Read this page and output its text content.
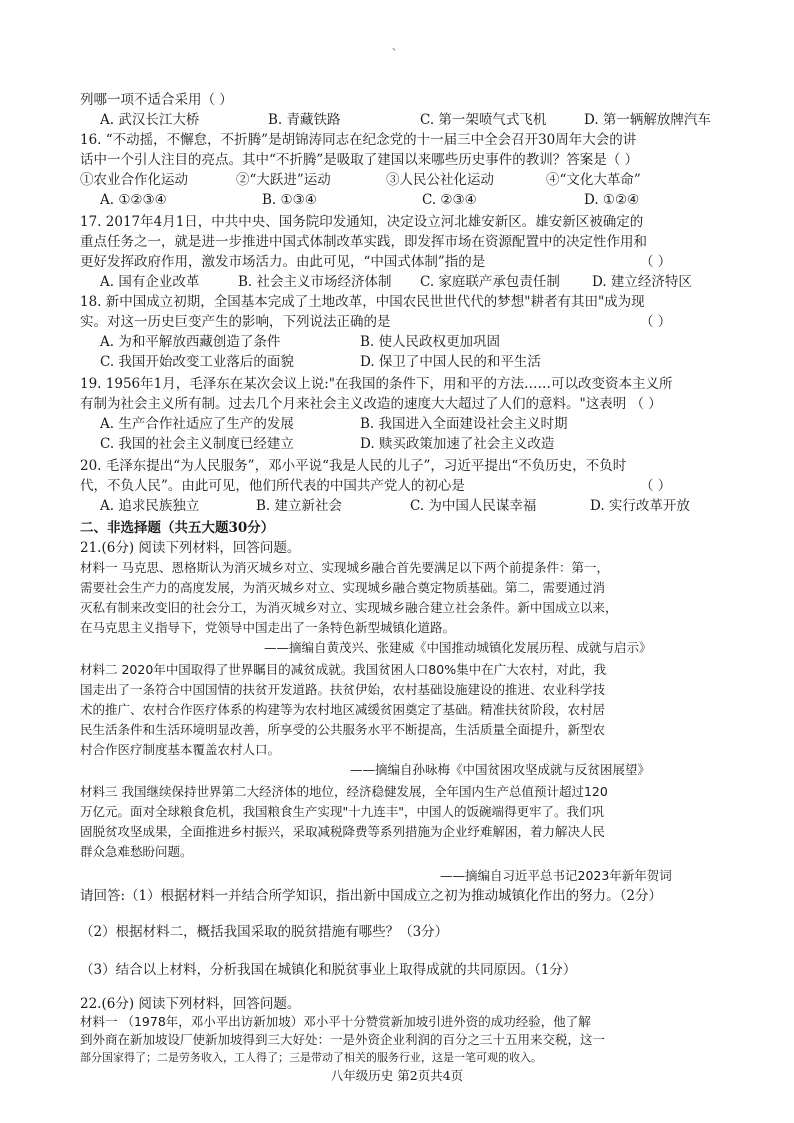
、
列哪一项不适合采用（ ）
A. 武汉长江大桥	B. 青藏铁路	C. 第一架喷气式飞机	D. 第一辆解放牌汽车
16. “不动摇，不懈怠，不折腾”是胡锦涛同志在纪念党的十一届三中全会召开30周年大会的讲
话中一个引人注目的亮点。其中“不折腾”是吸取了建国以来哪些历史事件的教训？答案是（ ）
①农业合作化运动	②“大跃进”运动	③人民公社化运动	④“文化大革命”
A. ①②③④	B. ①③④	C. ②③④	D. ①②④
17. 2017年4月1日，中共中央、国务院印发通知，决定设立河北雄安新区。雄安新区被确定的
重点任务之一，就是进一步推进中国式体制改革实践，即发挥市场在资源配置中的决定性作用和
更好发挥政府作用，激发市场活力。由此可见，“中国式体制”指的是	（ ）
A. 国有企业改革	B. 社会主义市场经济体制 C. 家庭联产承包责任制 D. 建立经济特区
18. 新中国成立初期，全国基本完成了土地改革，中国农民世世代代的梦想"耕者有其田"成为现
实。对这一历史巨变产生的影响，下列说法正确的是	（ ）
A. 为和平解放西藏创造了条件	B. 使人民政权更加巩固
C. 我国开始改变工业落后的面貌	D. 保卫了中国人民的和平生活
19. 1956年1月，毛泽东在某次会议上说:"在我国的条件下，用和平的方法……可以改变资本主义所
有制为社会主义所有制。过去几个月来社会主义改造的速度大大超过了人们的意料。"这表明 （ ）
A. 生产合作社适应了生产的发展	B. 我国进入全面建设社会主义时期
C. 我国的社会主义制度已经建立	D. 赎买政策加速了社会主义改造
20. 毛泽东提出“为人民服务”，邓小平说“我是人民的儿子”，习近平提出“不负历史，不负时
代，不负人民”。由此可见，他们所代表的中国共产党人的初心是	（ ）
A. 追求民族独立	B. 建立新社会	C. 为中国人民谋幸福	D. 实行改革开放
二、非选择题（共五大题30分）
21.(6分) 阅读下列材料，回答问题。
材料一 马克思、恩格斯认为消灭城乡对立、实现城乡融合首先要满足以下两个前提条件：第一，
需要社会生产力的高度发展，为消灭城乡对立、实现城乡融合奠定物质基础。第二，需要通过消
灭私有制来改变旧的社会分工，为消灭城乡对立、实现城乡融合建立社会条件。新中国成立以来，
在马克思主义指导下，党领导中国走出了一条特色新型城镇化道路。
——摘编自黄茂兴、张建威《中国推动城镇化发展历程、成就与启示》
材料二 2020年中国取得了世界瞩目的减贫成就。我国贫困人口80%集中在广大农村，对此，我
国走出了一条符合中国国情的扶贫开发道路。扶贫伊始，农村基础设施建设的推进、农业科学技
术的推广、农村合作医疗体系的构建等为农村地区减缓贫困奠定了基础。精准扶贫阶段，农村居
民生活条件和生活环境明显改善，所享受的公共服务水平不断提高，生活质量全面提升，新型农
村合作医疗制度基本覆盖农村人口。
——摘编自孙咏梅《中国贫困攻坚成就与反贫困展望》
材料三 我国继续保持世界第二大经济体的地位，经济稳健发展，全年国内生产总值预计超过120
万亿元。面对全球粮食危机，我国粮食生产实现"十九连丰"，中国人的饭碗端得更牢了。我们巩
固脱贫攻坚成果，全面推进乡村振兴，采取减税降费等系列措施为企业纾难解困，着力解决人民
群众急难愁盼问题。
——摘编自习近平总书记2023年新年贺词
请回答:（1）根据材料一并结合所学知识，指出新中国成立之初为推动城镇化作出的努力。（2分）
（2）根据材料二，概括我国采取的脱贫措施有哪些？（3分）
（3）结合以上材料，分析我国在城镇化和脱贫事业上取得成就的共同原因。（1分）
22.(6分) 阅读下列材料，回答问题。
材料一 （1978年，邓小平出访新加坡）邓小平十分赞赏新加坡引进外资的成功经验，他了解
到外商在新加坡设厂使新加坡得到三大好处：一是外资企业利润的百分之三十五用来交税，这一
部分国家得了；二是劳务收入，工人得了；三是带动了相关的服务行业，这是一笔可观的收入。
八年级历史 第2页共4页
